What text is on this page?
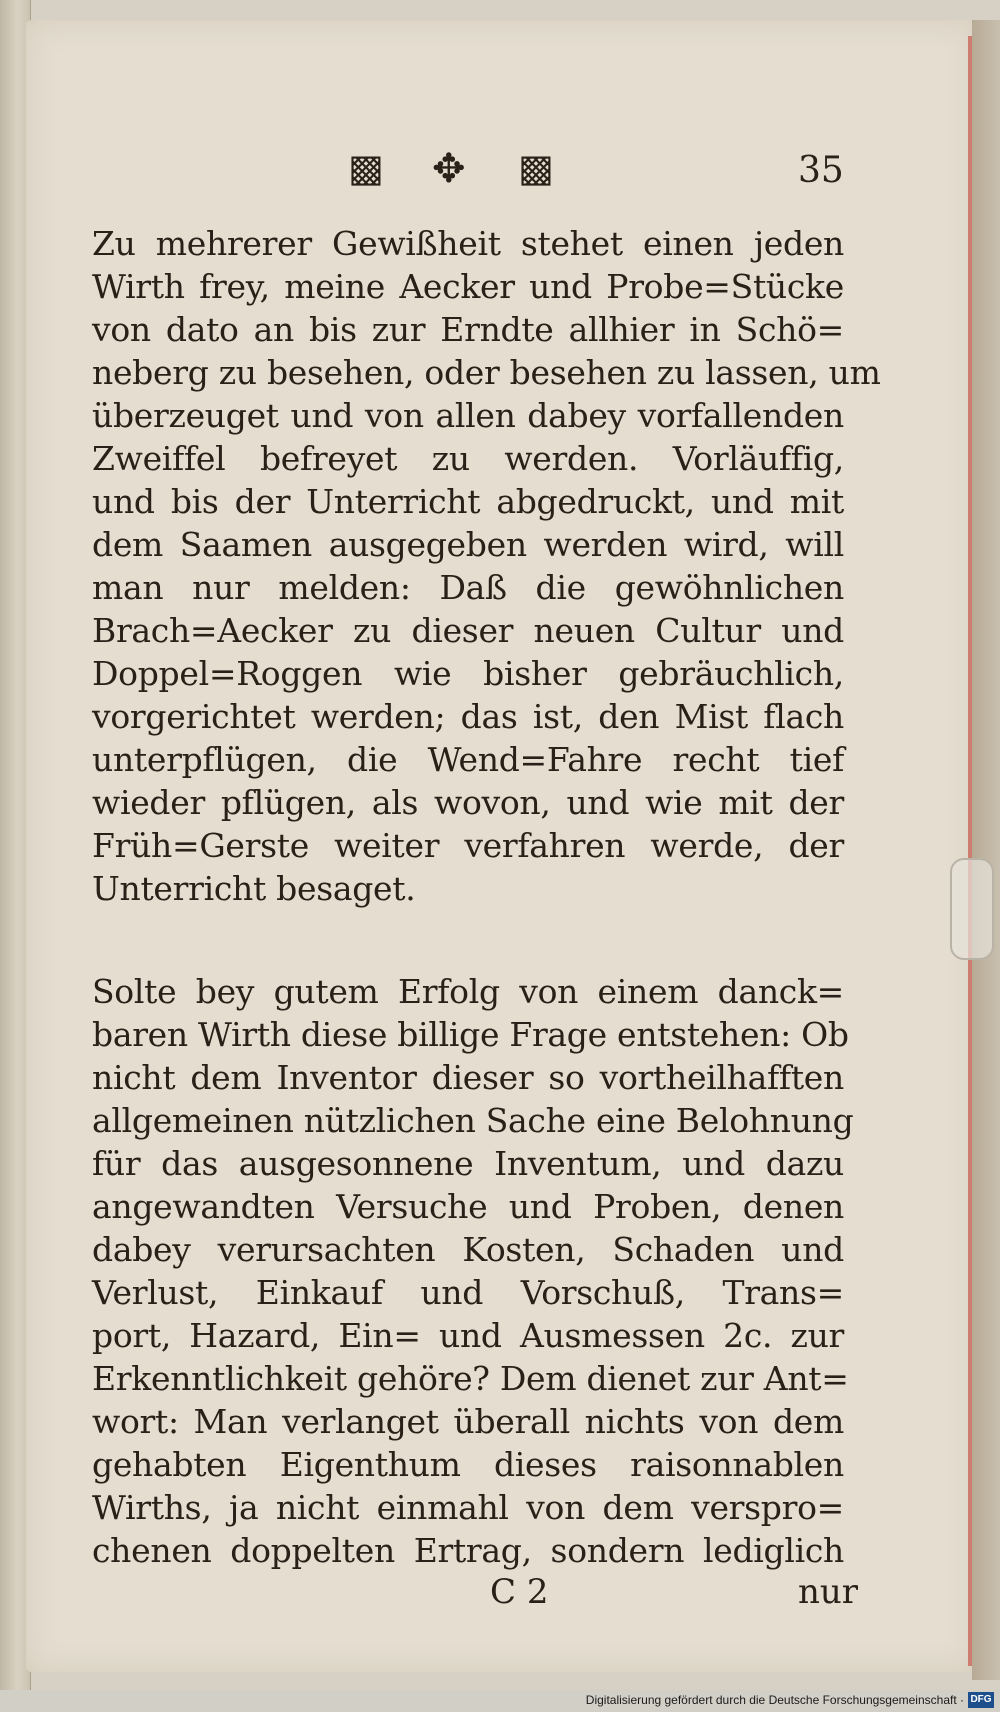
▩ ✥ ▩	35
Zu mehrerer Gewißheit stehet einen jeden
Wirth frey, meine Aecker und Probe=Stücke
von dato an bis zur Erndte allhier in Schö=
neberg zu besehen, oder besehen zu lassen, um
überzeuget und von allen dabey vorfallenden
Zweiffel befreyet zu werden. Vorläuffig,
und bis der Unterricht abgedruckt, und mit
dem Saamen ausgegeben werden wird, will
man nur melden: Daß die gewöhnlichen
Brach=Aecker zu dieser neuen Cultur und
Doppel=Roggen wie bisher gebräuchlich,
vorgerichtet werden; das ist, den Mist flach
unterpflügen, die Wend=Fahre recht tief
wieder pflügen, als wovon, und wie mit der
Früh=Gerste weiter verfahren werde, der
Unterricht besaget.
Solte bey gutem Erfolg von einem danck=
baren Wirth diese billige Frage entstehen: Ob
nicht dem Inventor dieser so vortheilhafften
allgemeinen nützlichen Sache eine Belohnung
für das ausgesonnene Inventum, und dazu
angewandten Versuche und Proben, denen
dabey verursachten Kosten, Schaden und
Verlust, Einkauf und Vorschuß, Trans=
port, Hazard, Ein= und Ausmessen 2c. zur
Erkenntlichkeit gehöre? Dem dienet zur Ant=
wort: Man verlanget überall nichts von dem
gehabten Eigenthum dieses raisonnablen
Wirths, ja nicht einmahl von dem verspro=
chenen doppelten Ertrag, sondern lediglich
C 2	nur
Digitalisierung gefördert durch die Deutsche Forschungsgemeinschaft · DFG
